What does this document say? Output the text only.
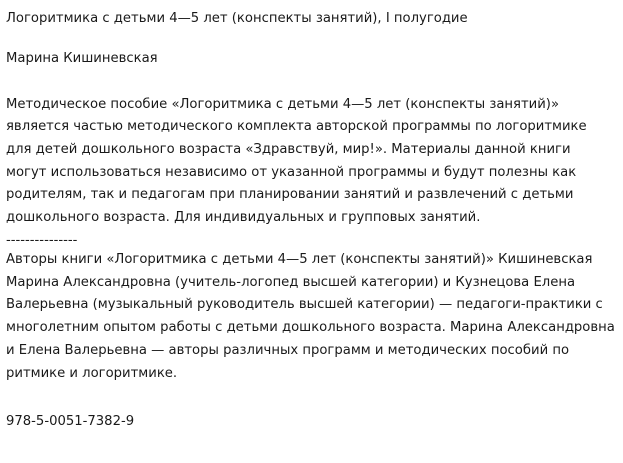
Логоритмика с детьми 4—5 лет (конспекты занятий), I полугодие
Марина Кишиневская

Методическое пособие «Логоритмика с детьми 4—5 лет (конспекты занятий)» является частью методического комплекта авторской программы по логоритмике для детей дошкольного возраста «Здравствуй, мир!». Материалы данной книги могут использоваться независимо от указанной программы и будут полезны как родителям, так и педагогам при планировании занятий и развлечений с детьми дошкольного возраста. Для индивидуальных и групповых занятий.

---------------

Авторы книги «Логоритмика с детьми 4—5 лет (конспекты занятий)» Кишиневская Марина Александровна (учитель-логопед высшей категории) и Кузнецова Елена Валерьевна (музыкальный руководитель высшей категории) — педагоги-практики с многолетним опытом работы с детьми дошкольного возраста. Марина Александровна и Елена Валерьевна — авторы различных программ и методических пособий по ритмике и логоритмике.

978-5-0051-7382-9
